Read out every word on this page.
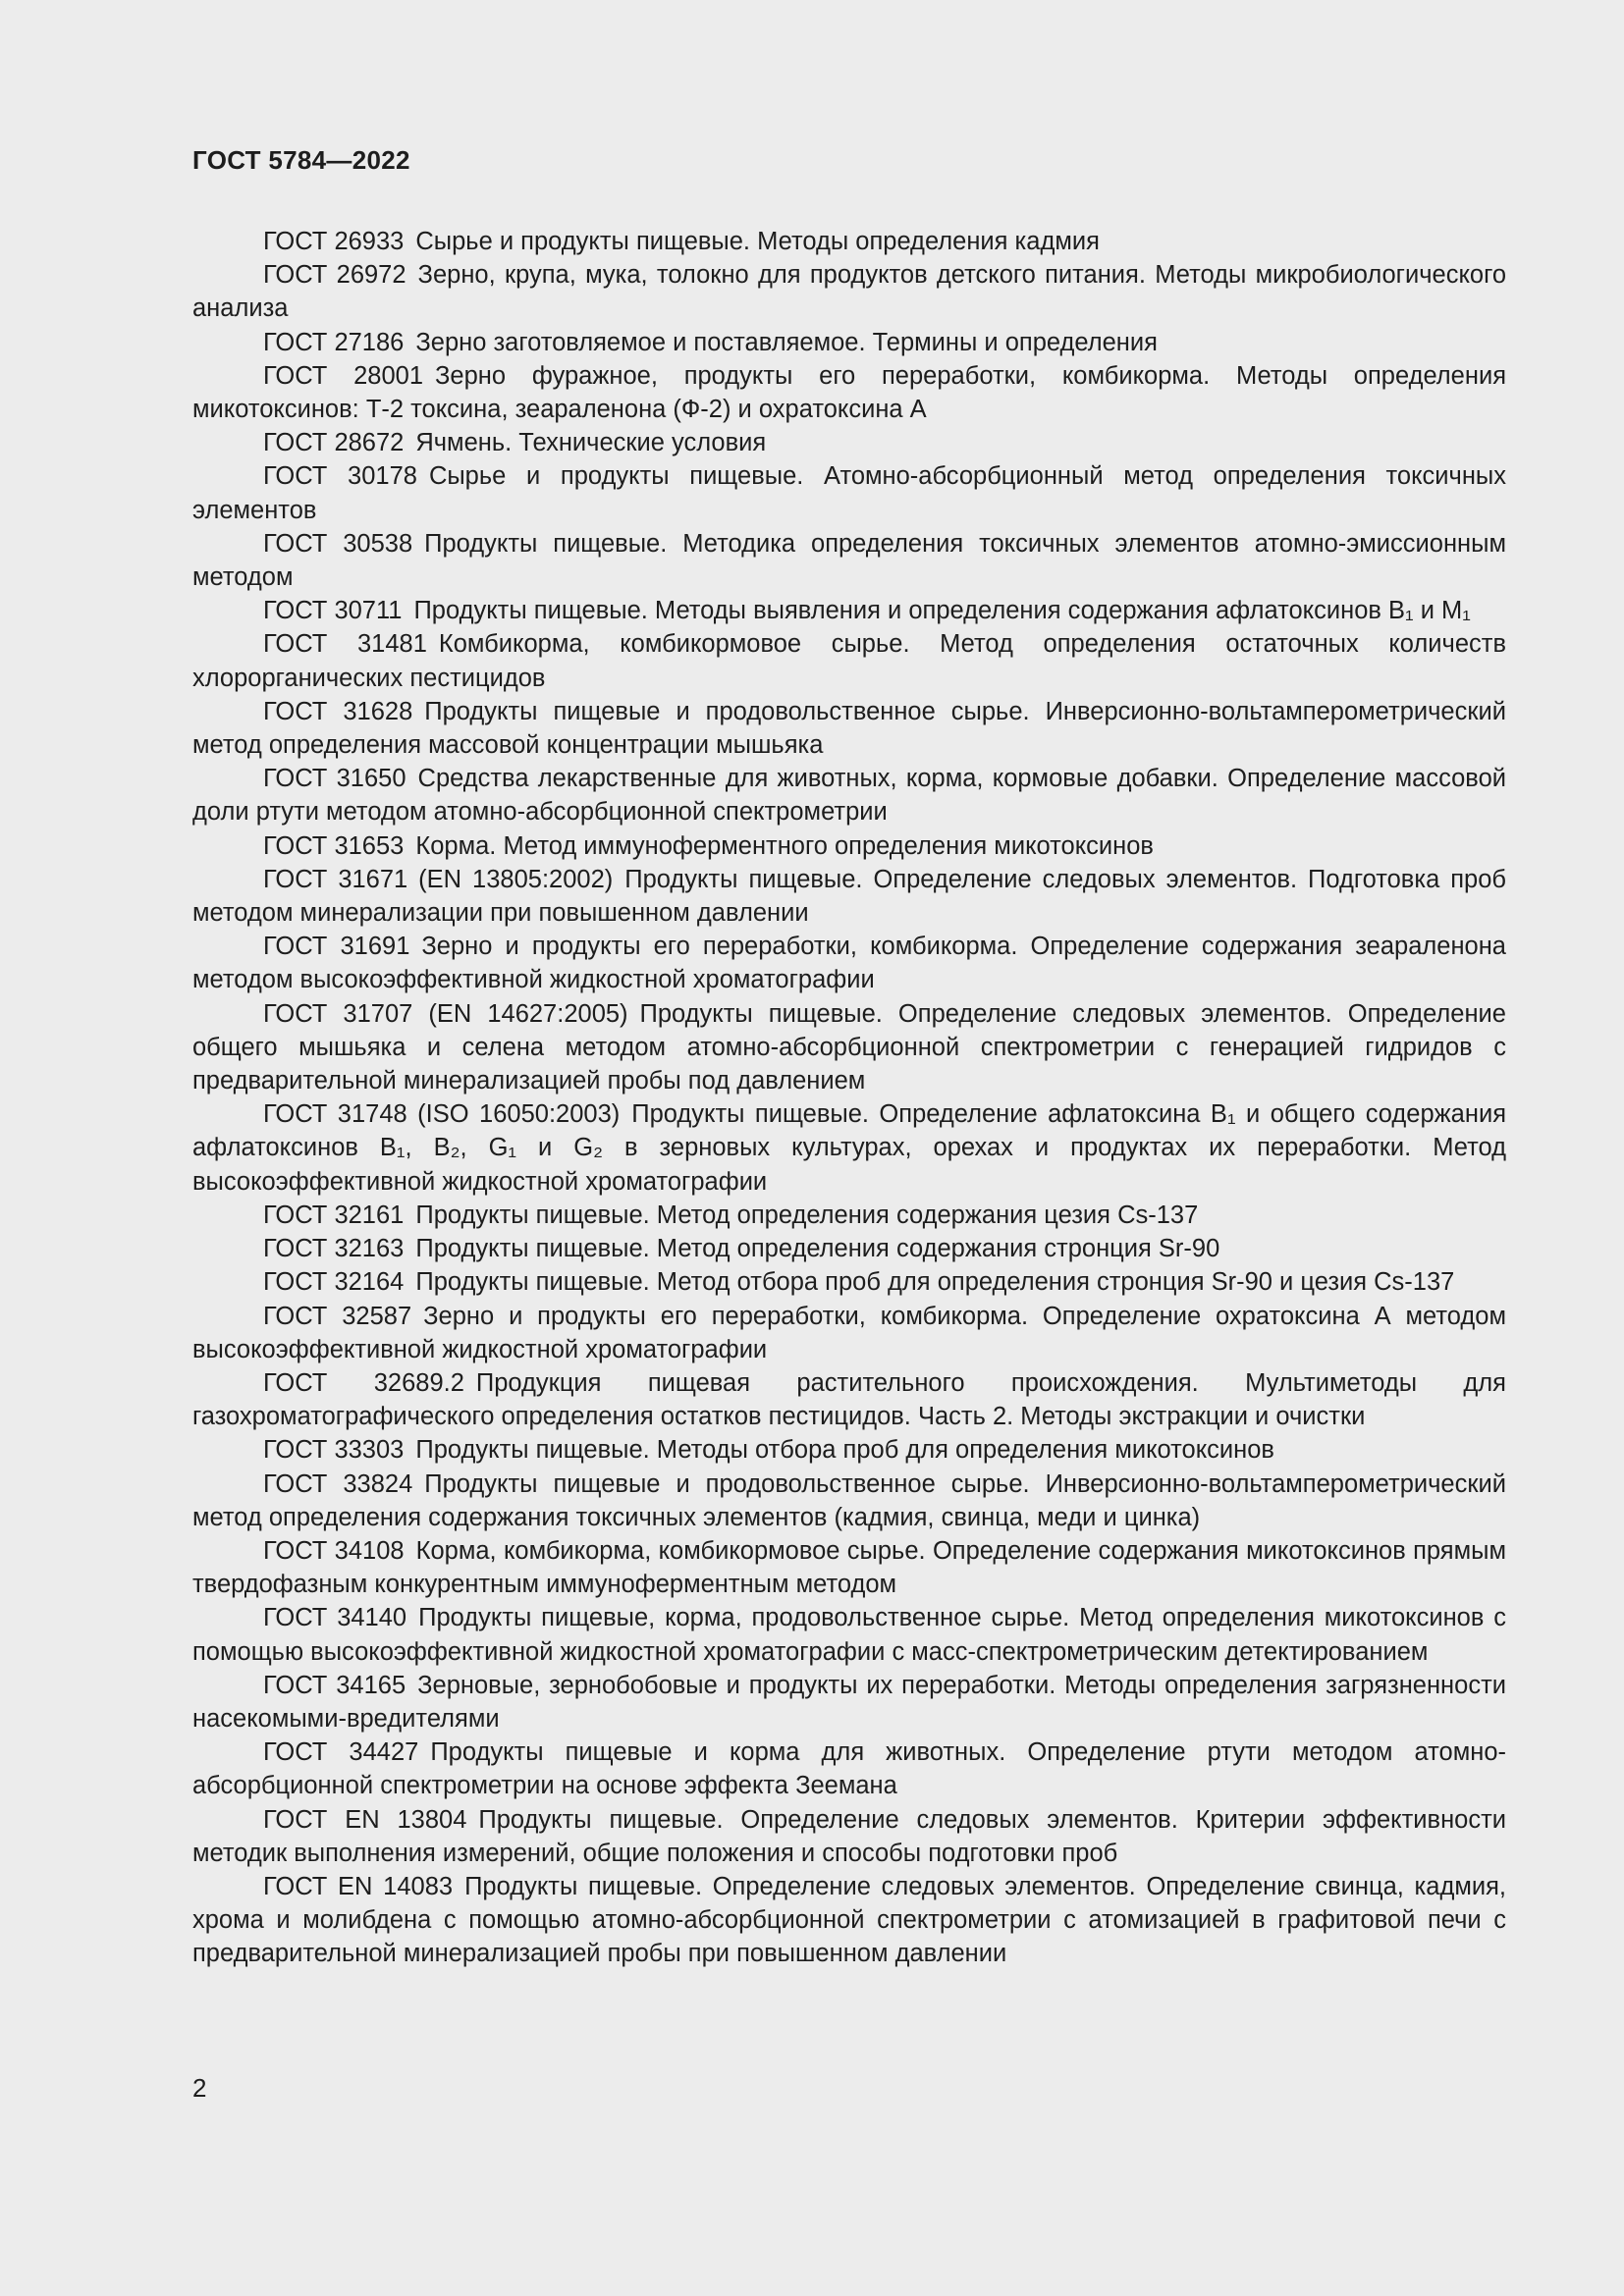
ГОСТ 5784—2022
ГОСТ 26933 Сырье и продукты пищевые. Методы определения кадмия
ГОСТ 26972 Зерно, крупа, мука, толокно для продуктов детского питания. Методы микробиологического анализа
ГОСТ 27186 Зерно заготовляемое и поставляемое. Термины и определения
ГОСТ 28001 Зерно фуражное, продукты его переработки, комбикорма. Методы определения микотоксинов: Т-2 токсина, зеараленона (Ф-2) и охратоксина А
ГОСТ 28672 Ячмень. Технические условия
ГОСТ 30178 Сырье и продукты пищевые. Атомно-абсорбционный метод определения токсичных элементов
ГОСТ 30538 Продукты пищевые. Методика определения токсичных элементов атомно-эмиссионным методом
ГОСТ 30711 Продукты пищевые. Методы выявления и определения содержания афлатоксинов B₁ и M₁
ГОСТ 31481 Комбикорма, комбикормовое сырье. Метод определения остаточных количеств хлорорганических пестицидов
ГОСТ 31628 Продукты пищевые и продовольственное сырье. Инверсионно-вольтамперометрический метод определения массовой концентрации мышьяка
ГОСТ 31650 Средства лекарственные для животных, корма, кормовые добавки. Определение массовой доли ртути методом атомно-абсорбционной спектрометрии
ГОСТ 31653 Корма. Метод иммуноферментного определения микотоксинов
ГОСТ 31671 (EN 13805:2002) Продукты пищевые. Определение следовых элементов. Подготовка проб методом минерализации при повышенном давлении
ГОСТ 31691 Зерно и продукты его переработки, комбикорма. Определение содержания зеараленона методом высокоэффективной жидкостной хроматографии
ГОСТ 31707 (EN 14627:2005) Продукты пищевые. Определение следовых элементов. Определение общего мышьяка и селена методом атомно-абсорбционной спектрометрии с генерацией гидридов с предварительной минерализацией пробы под давлением
ГОСТ 31748 (ISO 16050:2003) Продукты пищевые. Определение афлатоксина B₁ и общего содержания афлатоксинов B₁, B₂, G₁ и G₂ в зерновых культурах, орехах и продуктах их переработки. Метод высокоэффективной жидкостной хроматографии
ГОСТ 32161 Продукты пищевые. Метод определения содержания цезия Cs-137
ГОСТ 32163 Продукты пищевые. Метод определения содержания стронция Sr-90
ГОСТ 32164 Продукты пищевые. Метод отбора проб для определения стронция Sr-90 и цезия Cs-137
ГОСТ 32587 Зерно и продукты его переработки, комбикорма. Определение охратоксина А методом высокоэффективной жидкостной хроматографии
ГОСТ 32689.2 Продукция пищевая растительного происхождения. Мультиметоды для газохроматографического определения остатков пестицидов. Часть 2. Методы экстракции и очистки
ГОСТ 33303 Продукты пищевые. Методы отбора проб для определения микотоксинов
ГОСТ 33824 Продукты пищевые и продовольственное сырье. Инверсионно-вольтамперометрический метод определения содержания токсичных элементов (кадмия, свинца, меди и цинка)
ГОСТ 34108 Корма, комбикорма, комбикормовое сырье. Определение содержания микотоксинов прямым твердофазным конкурентным иммуноферментным методом
ГОСТ 34140 Продукты пищевые, корма, продовольственное сырье. Метод определения микотоксинов с помощью высокоэффективной жидкостной хроматографии с масс-спектрометрическим детектированием
ГОСТ 34165 Зерновые, зернобобовые и продукты их переработки. Методы определения загрязненности насекомыми-вредителями
ГОСТ 34427 Продукты пищевые и корма для животных. Определение ртути методом атомно-абсорбционной спектрометрии на основе эффекта Зеемана
ГОСТ EN 13804 Продукты пищевые. Определение следовых элементов. Критерии эффективности методик выполнения измерений, общие положения и способы подготовки проб
ГОСТ EN 14083 Продукты пищевые. Определение следовых элементов. Определение свинца, кадмия, хрома и молибдена с помощью атомно-абсорбционной спектрометрии с атомизацией в графитовой печи с предварительной минерализацией пробы при повышенном давлении
2
